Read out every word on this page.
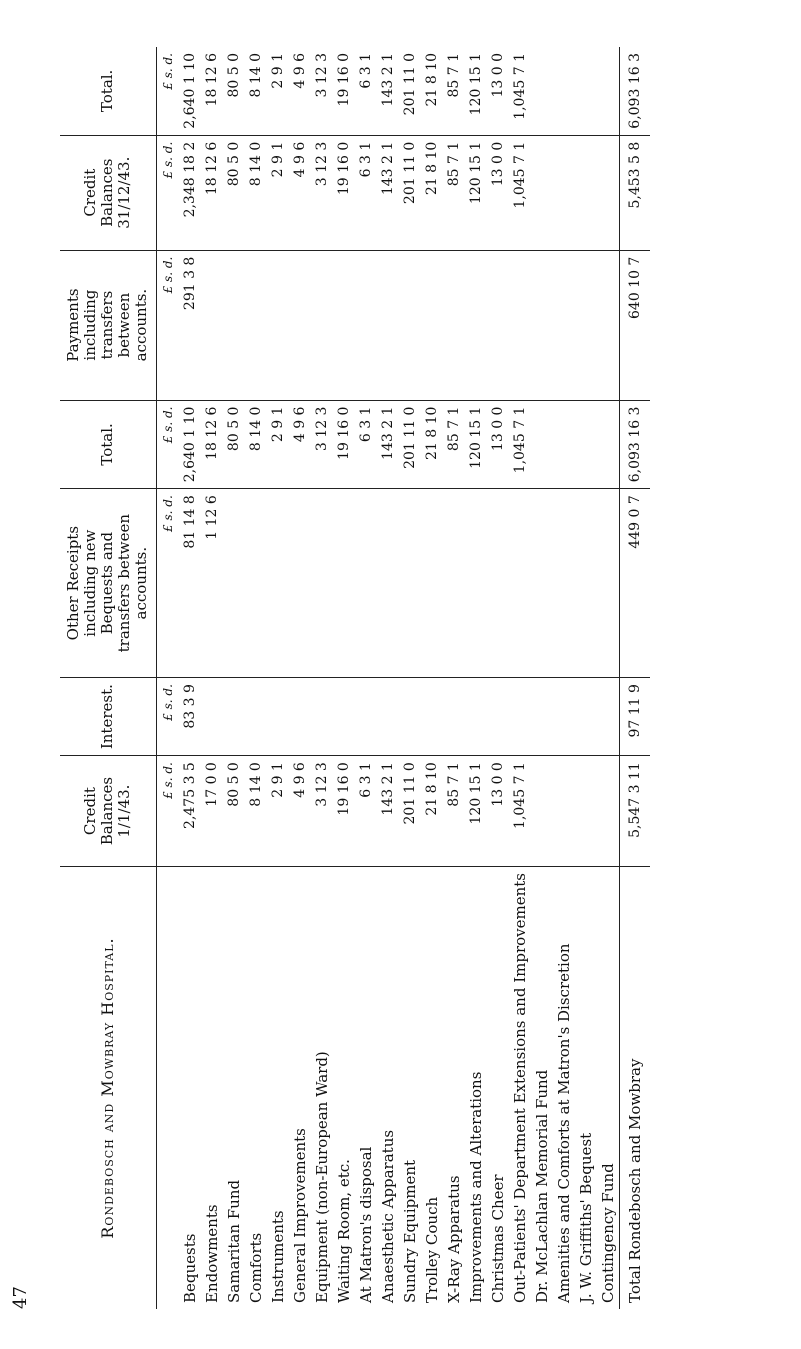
47
Rondebosch and Mowbray Hospital.	Credit Balances 1/1/43.	Interest.	Other Receipts including new Bequests and transfers between accounts.	Total.	Payments including transfers between accounts.	Credit Balances 31/12/43.	Total.
	£ s. d.	£ s. d.	£ s. d.	£ s. d.	£ s. d.	£ s. d.	£ s. d.
Bequests	2,475 3 5	83 3 9	81 14 8	2,640 1 10	291 3 8	2,348 18 2	2,640 1 10
Endowments	17 0 0		1 12 6	18 12 6		18 12 6	18 12 6
Samaritan Fund	80 5 0			80 5 0		80 5 0	80 5 0
Comforts	8 14 0			8 14 0		8 14 0	8 14 0
Instruments	2 9 1			2 9 1		2 9 1	2 9 1
General Improvements	4 9 6			4 9 6		4 9 6	4 9 6
Equipment (non-European Ward)	3 12 3			3 12 3		3 12 3	3 12 3
Waiting Room, etc.	19 16 0			19 16 0		19 16 0	19 16 0
At Matron's disposal	6 3 1			6 3 1		6 3 1	6 3 1
Anaesthetic Apparatus	143 2 1			143 2 1		143 2 1	143 2 1
Sundry Equipment	201 11 0			201 11 0		201 11 0	201 11 0
Trolley Couch	21 8 10			21 8 10		21 8 10	21 8 10
X-Ray Apparatus	85 7 1			85 7 1		85 7 1	85 7 1
Improvements and Alterations	120 15 1			120 15 1		120 15 1	120 15 1
Christmas Cheer	13 0 0			13 0 0		13 0 0	13 0 0
Out-Patients' Department Extensions and Improvements	1,045 7 1			1,045 7 1		1,045 7 1	1,045 7 1
Dr. McLachlan Memorial Fund							
Amenities and Comforts at Matron's Discretion							
J. W. Griffiths' Bequest							
Contingency Fund							
Total Rondebosch and Mowbray	5,547 3 11	97 11 9	449 0 7	6,093 16 3	640 10 7	5,453 5 8	6,093 16 3
